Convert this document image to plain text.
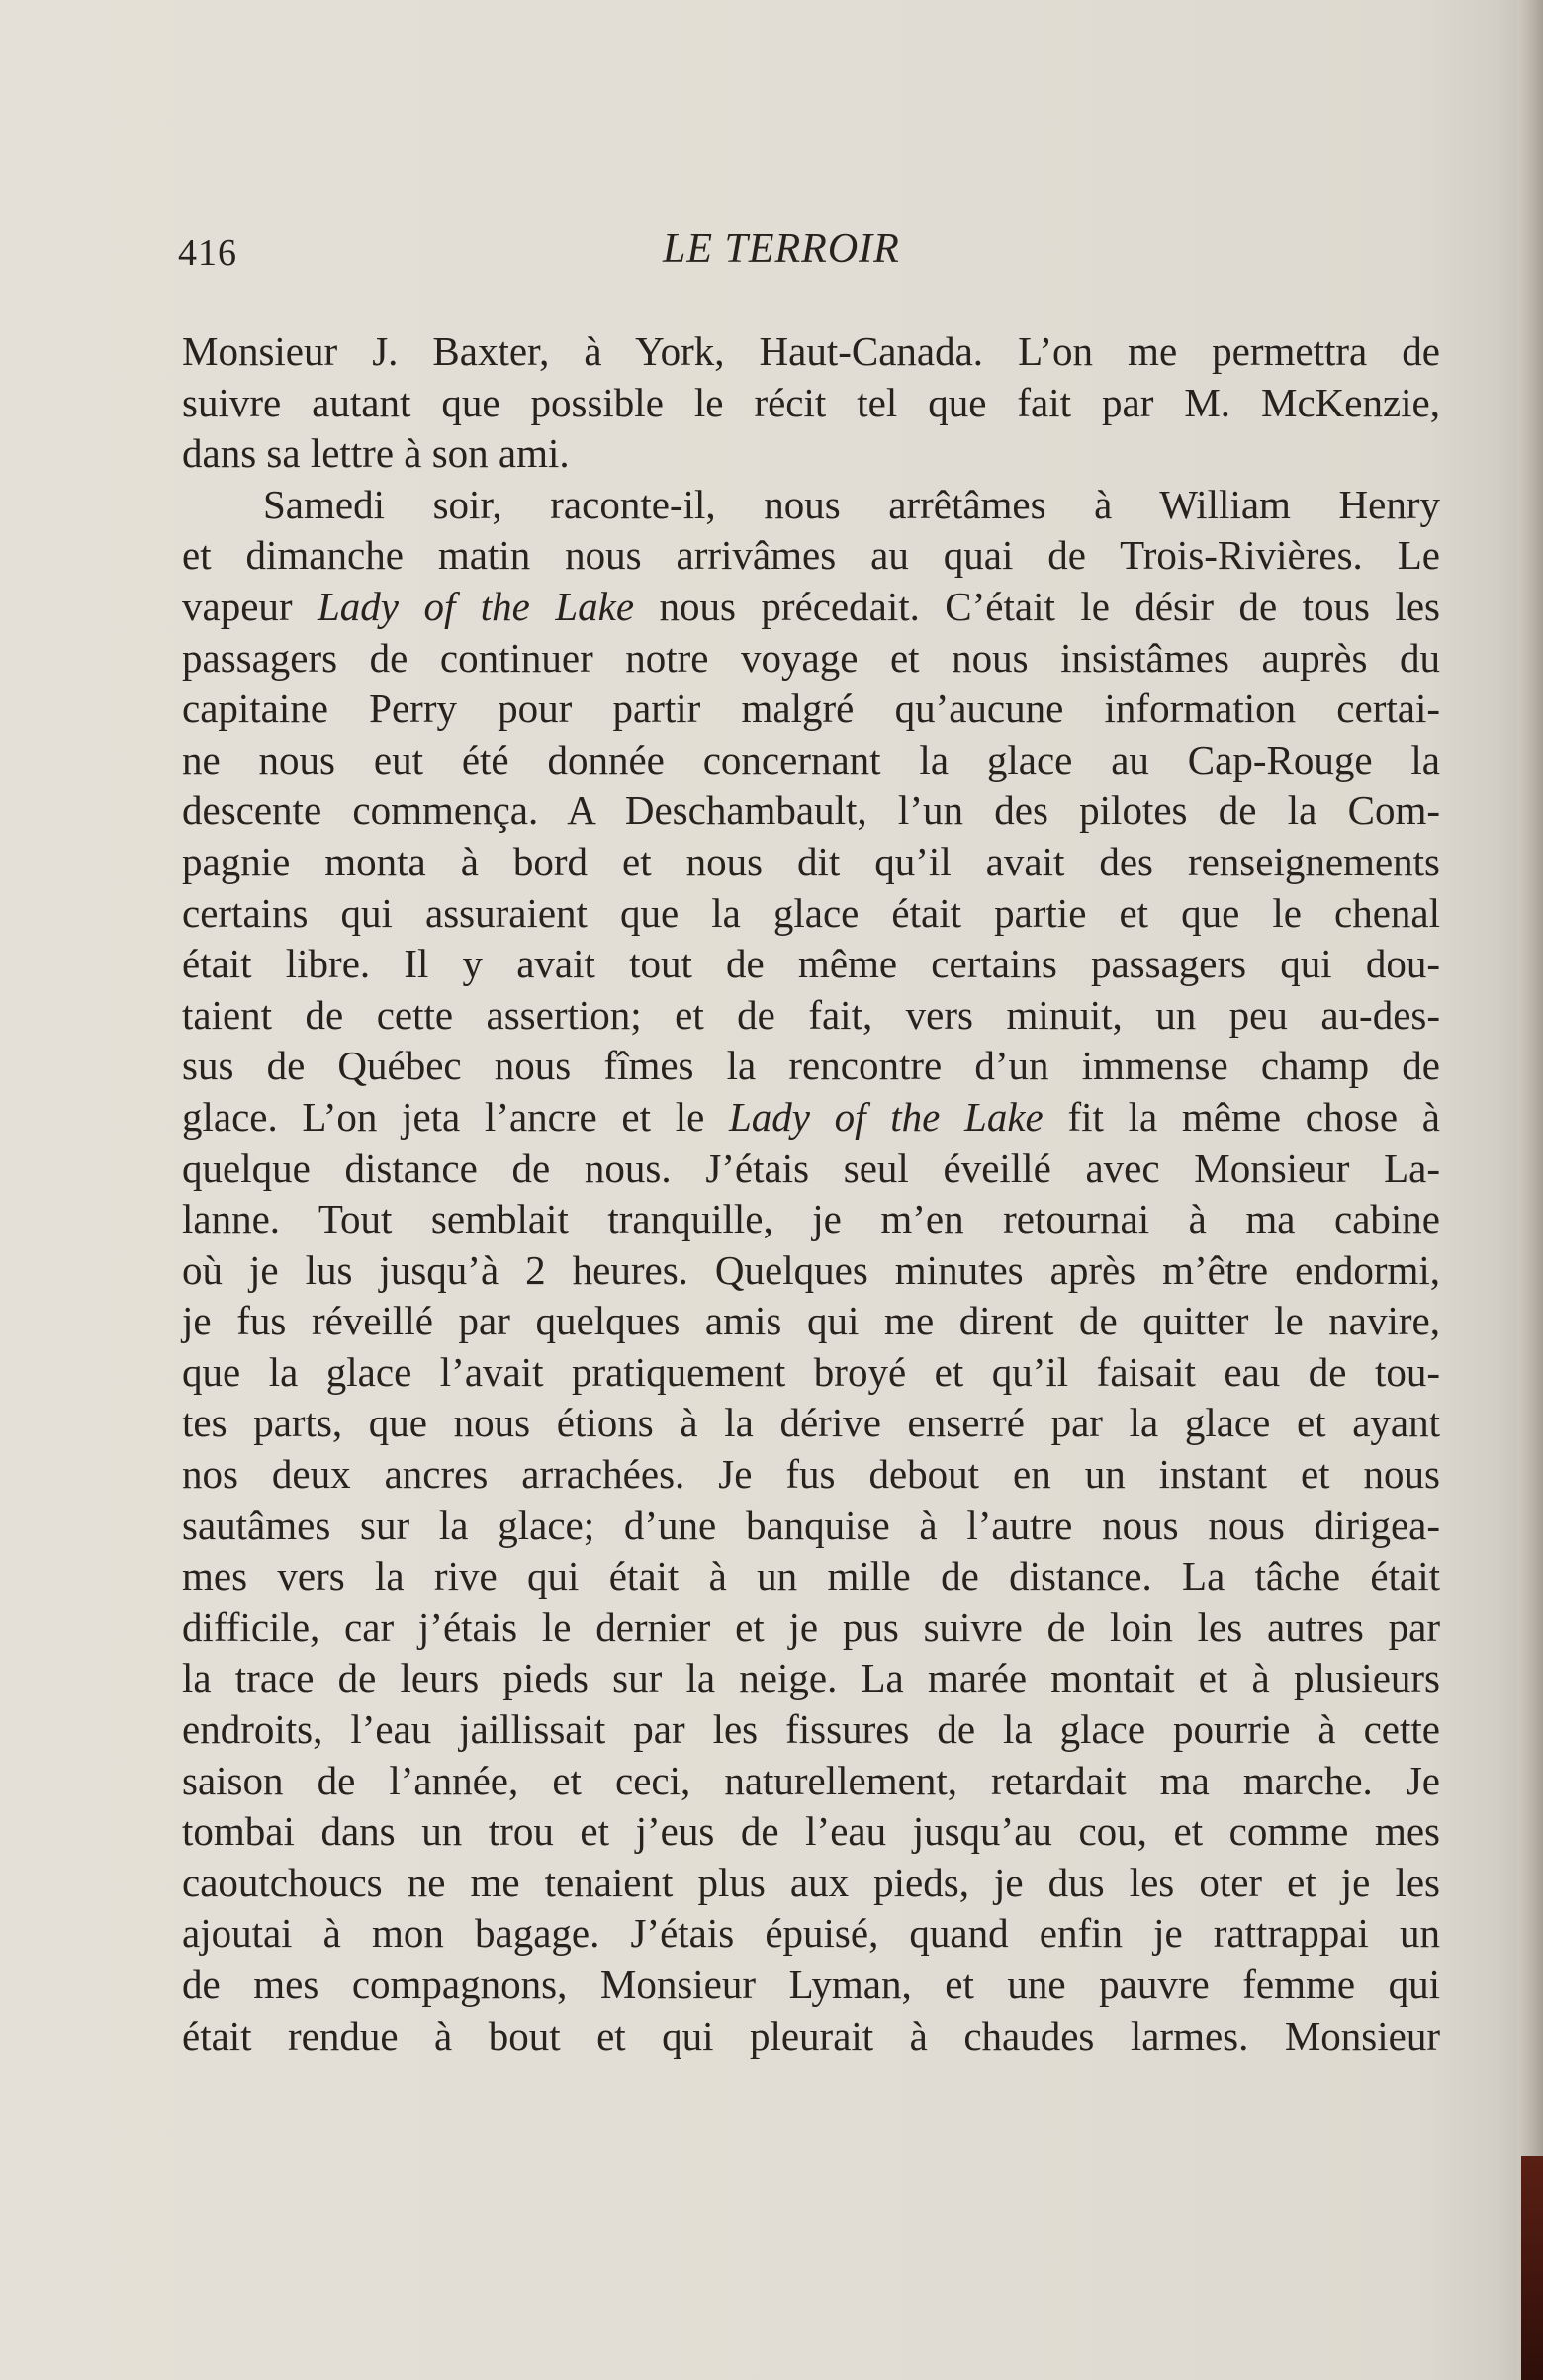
416	LE TERROIR
Monsieur J. Baxter, à York, Haut-Canada. L’on me permettra de
suivre autant que possible le récit tel que fait par M. McKenzie,
dans sa lettre à son ami.
Samedi soir, raconte-il, nous arrêtâmes à William Henry
et dimanche matin nous arrivâmes au quai de Trois-Rivières. Le
vapeur Lady of the Lake nous précedait. C’était le désir de tous les
passagers de continuer notre voyage et nous insistâmes auprès du
capitaine Perry pour partir malgré qu’aucune information certai-
ne nous eut été donnée concernant la glace au Cap-Rouge la
descente commença. A Deschambault, l’un des pilotes de la Com-
pagnie monta à bord et nous dit qu’il avait des renseignements
certains qui assuraient que la glace était partie et que le chenal
était libre. Il y avait tout de même certains passagers qui dou-
taient de cette assertion; et de fait, vers minuit, un peu au-des-
sus de Québec nous fîmes la rencontre d’un immense champ de
glace. L’on jeta l’ancre et le Lady of the Lake fit la même chose à
quelque distance de nous. J’étais seul éveillé avec Monsieur La-
lanne. Tout semblait tranquille, je m’en retournai à ma cabine
où je lus jusqu’à 2 heures. Quelques minutes après m’être endormi,
je fus réveillé par quelques amis qui me dirent de quitter le navire,
que la glace l’avait pratiquement broyé et qu’il faisait eau de tou-
tes parts, que nous étions à la dérive enserré par la glace et ayant
nos deux ancres arrachées. Je fus debout en un instant et nous
sautâmes sur la glace; d’une banquise à l’autre nous nous dirigea-
mes vers la rive qui était à un mille de distance. La tâche était
difficile, car j’étais le dernier et je pus suivre de loin les autres par
la trace de leurs pieds sur la neige. La marée montait et à plusieurs
endroits, l’eau jaillissait par les fissures de la glace pourrie à cette
saison de l’année, et ceci, naturellement, retardait ma marche. Je
tombai dans un trou et j’eus de l’eau jusqu’au cou, et comme mes
caoutchoucs ne me tenaient plus aux pieds, je dus les oter et je les
ajoutai à mon bagage. J’étais épuisé, quand enfin je rattrappai un
de mes compagnons, Monsieur Lyman, et une pauvre femme qui
était rendue à bout et qui pleurait à chaudes larmes. Monsieur
